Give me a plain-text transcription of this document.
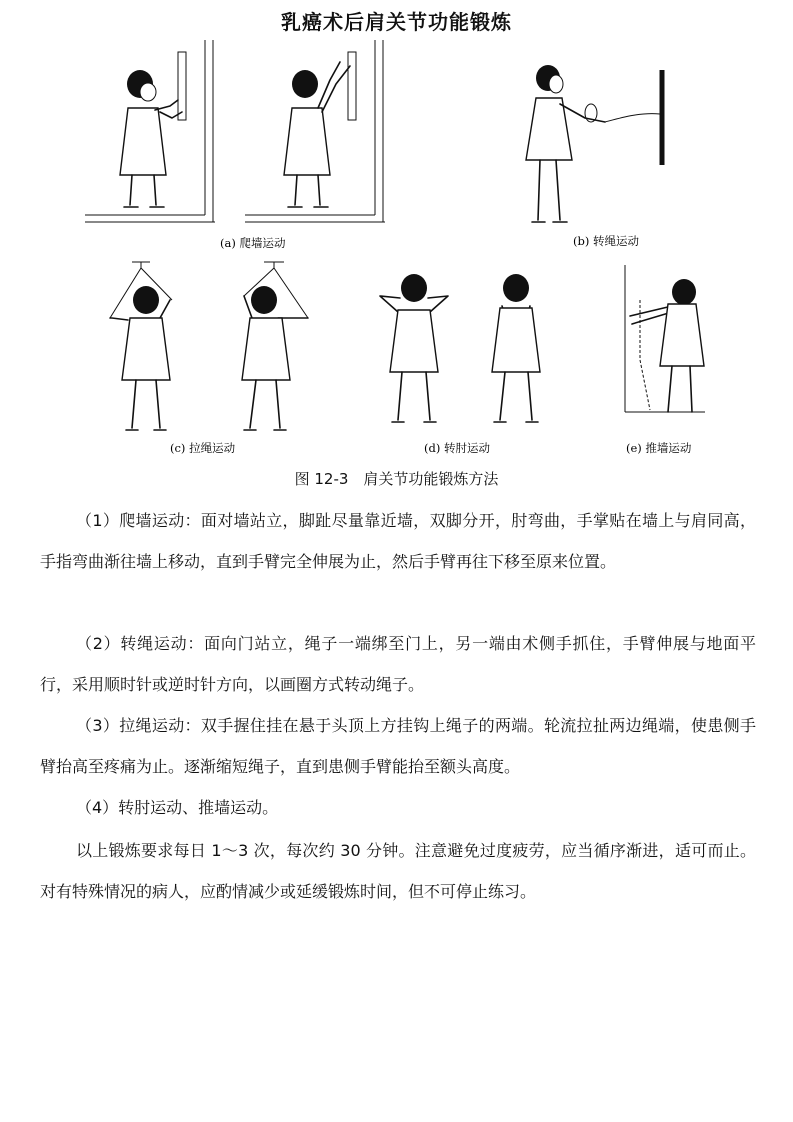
乳癌术后肩关节功能锻炼
(a) 爬墙运动	(b) 转绳运动
(c) 拉绳运动	(d) 转肘运动	(e) 推墙运动
图 12-3　肩关节功能锻炼方法
（1）爬墙运动：面对墙站立，脚趾尽量靠近墙，双脚分开，肘弯曲，手掌贴在墙上与肩同高，手指弯曲渐往墙上移动，直到手臂完全伸展为止，然后手臂再往下移至原来位置。
（2）转绳运动：面向门站立，绳子一端绑至门上，另一端由术侧手抓住，手臂伸展与地面平行，采用顺时针或逆时针方向，以画圈方式转动绳子。
（3）拉绳运动：双手握住挂在悬于头顶上方挂钩上绳子的两端。轮流拉扯两边绳端，使患侧手臂抬高至疼痛为止。逐渐缩短绳子，直到患侧手臂能抬至额头高度。
（4）转肘运动、推墙运动。
以上锻炼要求每日 1～3 次，每次约 30 分钟。注意避免过度疲劳，应当循序渐进，适可而止。对有特殊情况的病人，应酌情减少或延缓锻炼时间，但不可停止练习。
